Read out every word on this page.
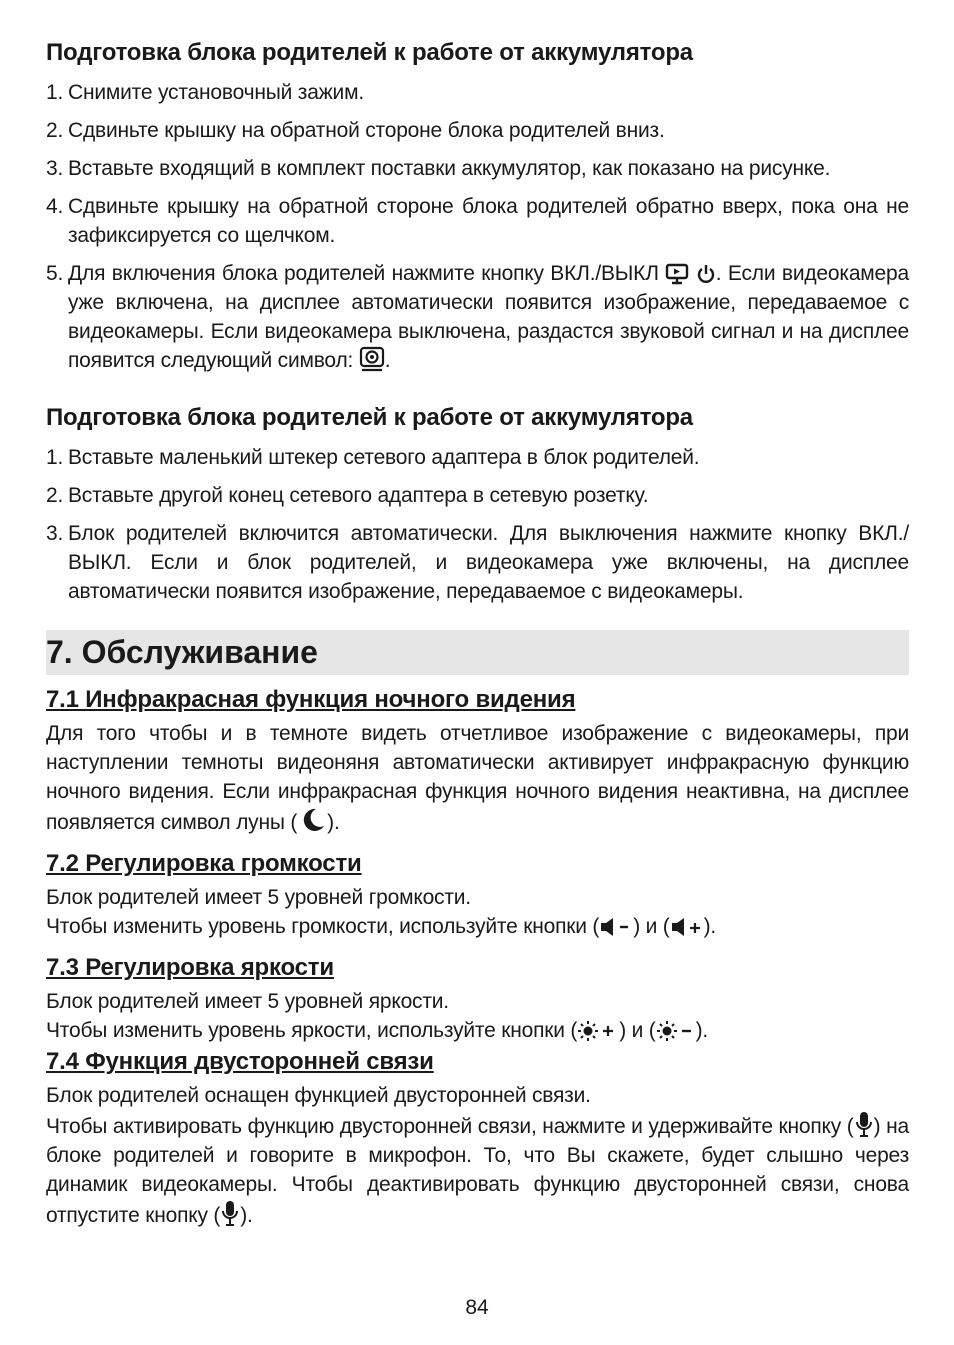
Подготовка блока родителей к работе от аккумулятора
1. Снимите установочный зажим.
2. Сдвиньте крышку на обратной стороне блока родителей вниз.
3. Вставьте входящий в комплект поставки аккумулятор, как показано на рисунке.
4. Сдвиньте крышку на обратной стороне блока родителей обратно вверх, пока она не зафиксируется со щелчком.
5. Для включения блока родителей нажмите кнопку ВКЛ./ВЫКЛ
	. Если видеокамера уже включена, на дисплее автоматически появится изображение, передаваемое с видеокамеры. Если видеокамера выключена, раздастся звуковой сигнал и на дисплее появится следующий символ: .
Подготовка блока родителей к работе от аккумулятора
1. Вставьте маленький штекер сетевого адаптера в блок родителей.
2. Вставьте другой конец сетевого адаптера в сетевую розетку.
3. Блок родителей включится автоматически. Для выключения нажмите кнопку ВКЛ./ВЫКЛ. Если и блок родителей, и видеокамера уже включены, на дисплее автоматически появится изображение, передаваемое с видеокамеры.
7. Обслуживание
7.1 Инфракрасная функция ночного видения

Для того чтобы и в темноте видеть отчетливое изображение с видеокамеры, при наступлении темноты видеоняня автоматически активирует инфракрасную функцию ночного видения. Если инфракрасная функция ночного видения неактивна, на дисплее появляется символ луны ( ).

7.2 Регулировка громкости

Блок родителей имеет 5 уровней громкости.

Чтобы изменить уровень громкости, используйте кнопки ( ) и ( ).

7.3 Регулировка яркости

Блок родителей имеет 5 уровней яркости.

Чтобы изменить уровень яркости, используйте кнопки ( ) и ( ).

7.4 Функция двусторонней связи

Блок родителей оснащен функцией двусторонней связи.

Чтобы активировать функцию двусторонней связи, нажмите и удерживайте кнопку ( ) на блоке родителей и говорите в микрофон. То, что Вы скажете, будет слышно через динамик видеокамеры. Чтобы деактивировать функцию двусторонней связи, снова отпустите кнопку ( ).

84
